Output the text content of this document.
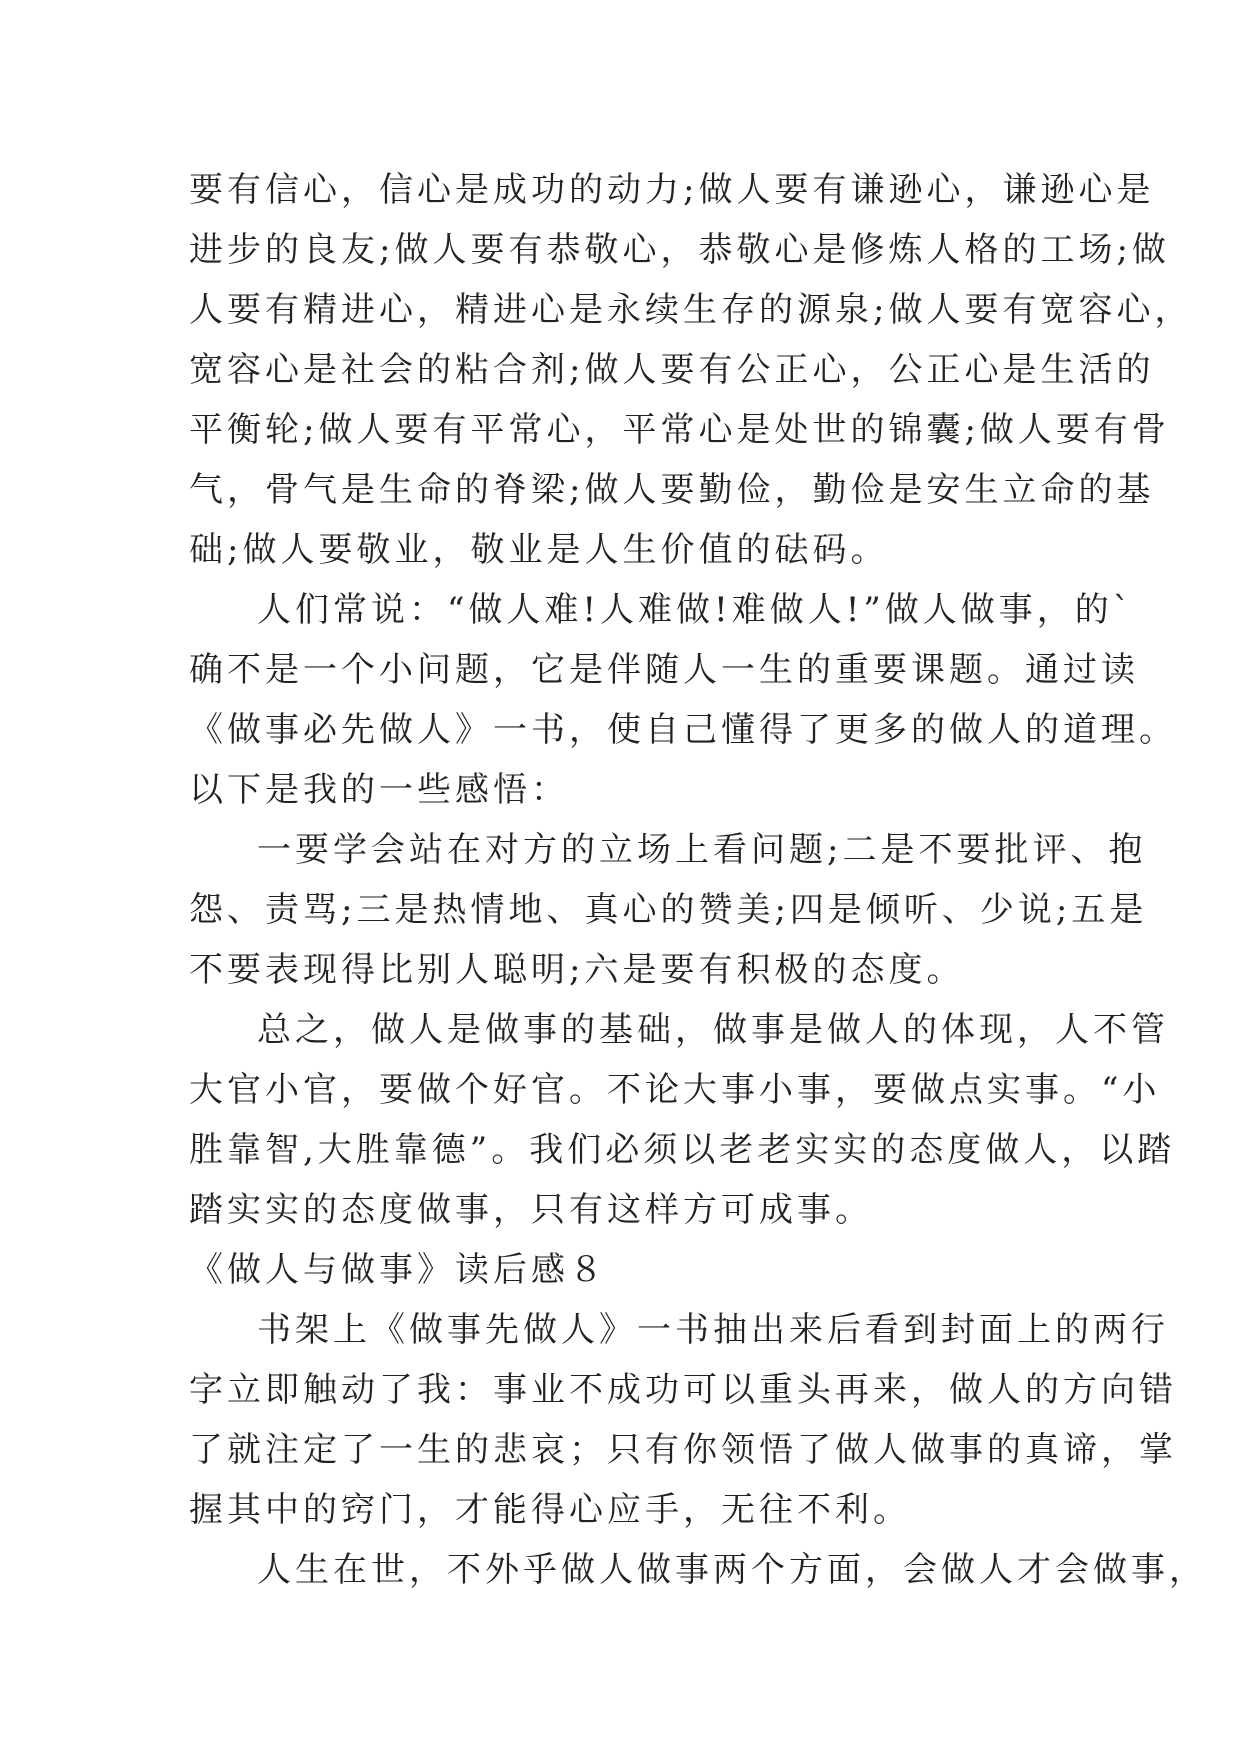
要有信心，信心是成功的动力;做人要有谦逊心，谦逊心是
进步的良友;做人要有恭敬心，恭敬心是修炼人格的工场;做
人要有精进心，精进心是永续生存的源泉;做人要有宽容心，
宽容心是社会的粘合剂;做人要有公正心，公正心是生活的
平衡轮;做人要有平常心，平常心是处世的锦囊;做人要有骨
气，骨气是生命的脊梁;做人要勤俭，勤俭是安生立命的基
础;做人要敬业，敬业是人生价值的砝码。
人们常说：“做人难!人难做!难做人!”做人做事，的`
确不是一个小问题，它是伴随人一生的重要课题。通过读
《做事必先做人》一书，使自己懂得了更多的做人的道理。
以下是我的一些感悟：
一要学会站在对方的立场上看问题;二是不要批评、抱
怨、责骂;三是热情地、真心的赞美;四是倾听、少说;五是
不要表现得比别人聪明;六是要有积极的态度。
总之，做人是做事的基础，做事是做人的体现，人不管
大官小官，要做个好官。不论大事小事，要做点实事。“小
胜靠智,大胜靠德”。我们必须以老老实实的态度做人，以踏
踏实实的态度做事，只有这样方可成事。
《做人与做事》读后感８
书架上《做事先做人》一书抽出来后看到封面上的两行
字立即触动了我：事业不成功可以重头再来，做人的方向错
了就注定了一生的悲哀；只有你领悟了做人做事的真谛，掌
握其中的窍门，才能得心应手，无往不利。
人生在世，不外乎做人做事两个方面，会做人才会做事，
